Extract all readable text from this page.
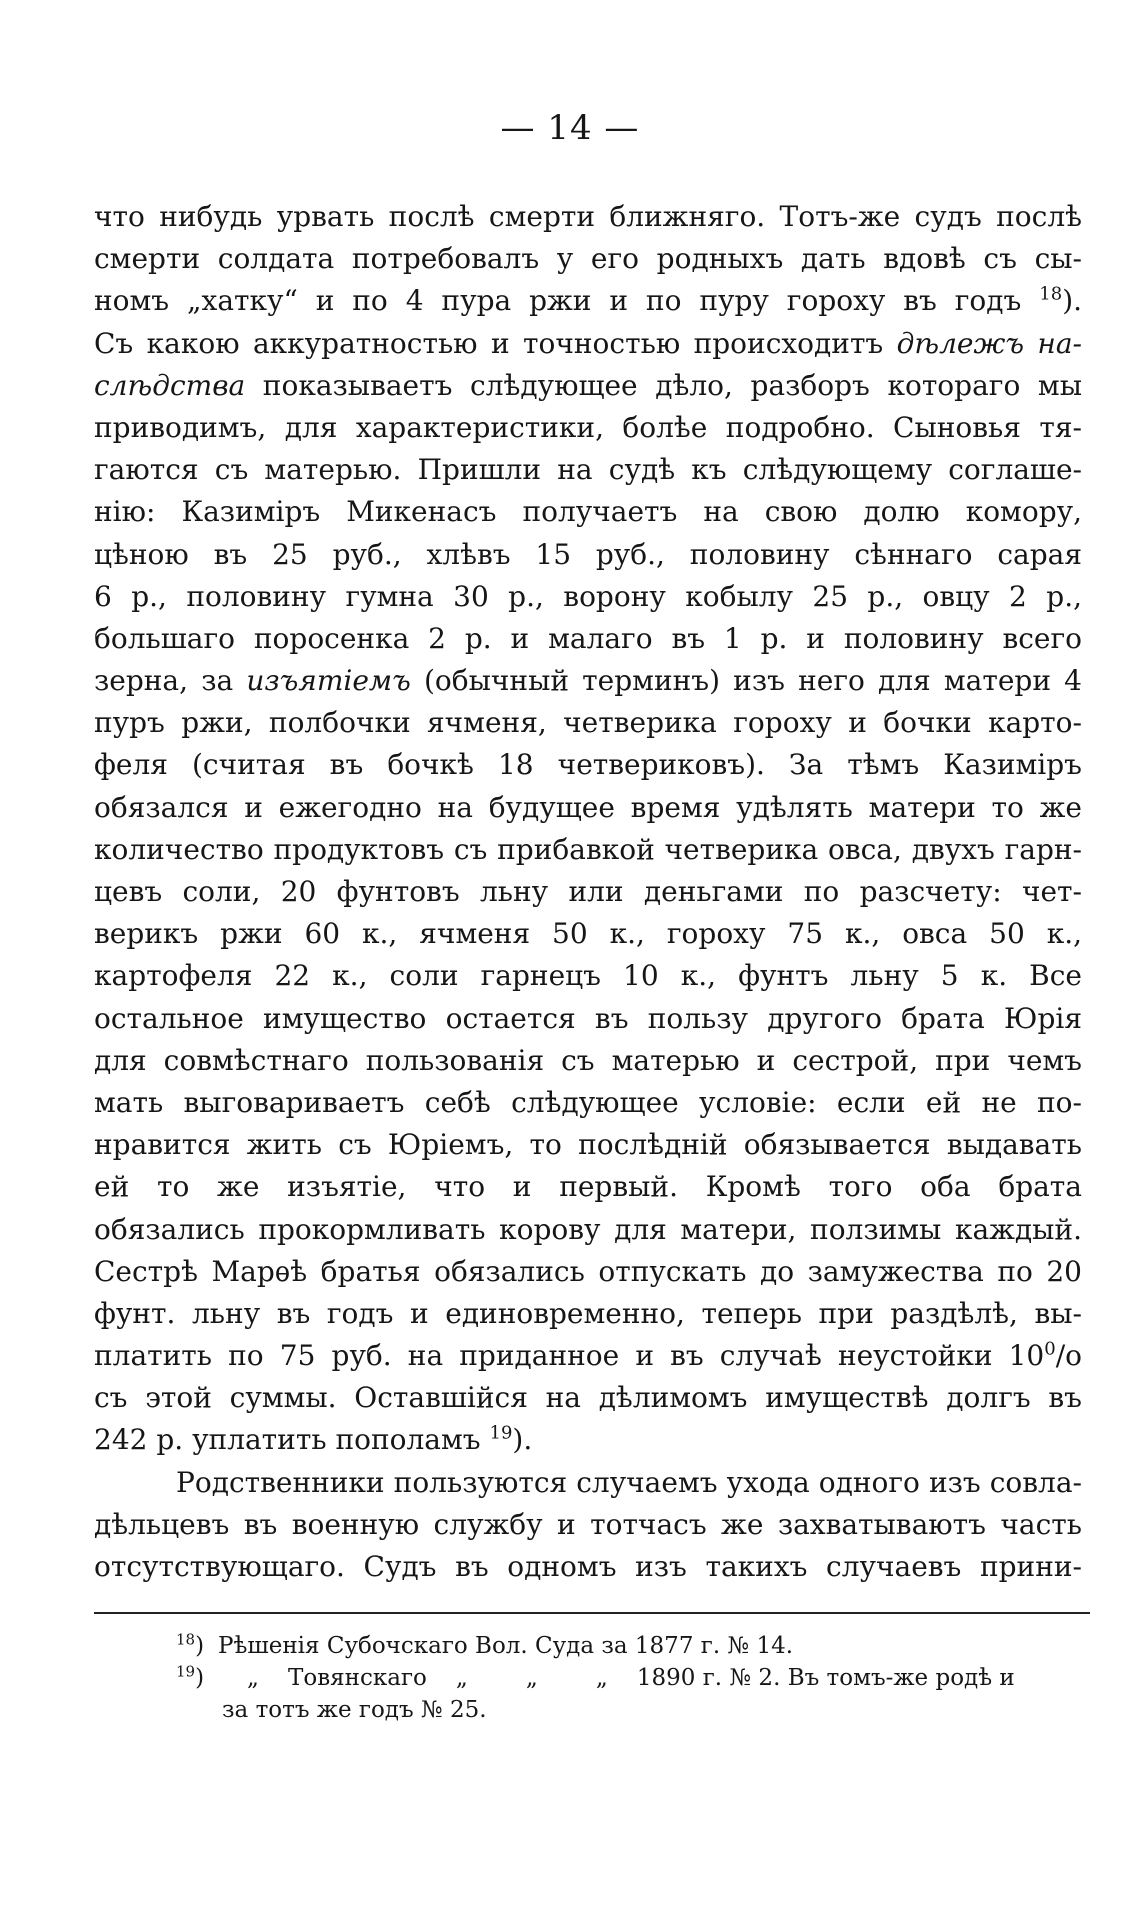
— 14 —
что нибудь урвать послѣ смерти ближняго. Тотъ-же судъ послѣ
смерти солдата потребовалъ у его родныхъ дать вдовѣ съ сы-
номъ „хатку“ и по 4 пура ржи и по пуру гороху въ годъ $^{18}$).
Съ какою аккуратностью и точностью происходитъ дѣлежъ на-
слѣдства показываетъ слѣдующее дѣло, разборъ котораго мы
приводимъ, для характеристики, болѣе подробно. Сыновья тя-
гаются съ матерью. Пришли на судѣ къ слѣдующему соглаше-
нію: Казиміръ Микенасъ получаетъ на свою долю комору,
цѣною въ 25 руб., хлѣвъ 15 руб., половину сѣннаго сарая
6 р., половину гумна 30 р., ворону кобылу 25 р., овцу 2 р.,
большаго поросенка 2 р. и малаго въ 1 р. и половину всего
зерна, за изъятіемъ (обычный терминъ) изъ него для матери 4
пуръ ржи, полбочки ячменя, четверика гороху и бочки карто-
феля (считая въ бочкѣ 18 четвериковъ). За тѣмъ Казиміръ
обязался и ежегодно на будущее время удѣлять матери то же
количество продуктовъ съ прибавкой четверика овса, двухъ гарн-
цевъ соли, 20 фунтовъ льну или деньгами по разсчету: чет-
верикъ ржи 60 к., ячменя 50 к., гороху 75 к., овса 50 к.,
картофеля 22 к., соли гарнецъ 10 к., фунтъ льну 5 к. Все
остальное имущество остается въ пользу другого брата Юрія
для совмѣстнаго пользованія съ матерью и сестрой, при чемъ
мать выговариваетъ себѣ слѣдующее условіе: если ей не по-
нравится жить съ Юріемъ, то послѣдній обязывается выдавать
ей то же изъятіе, что и первый. Кромѣ того оба брата
обязались прокормливать корову для матери, ползимы каждый.
Сестрѣ Марѳѣ братья обязались отпускать до замужества по 20
фунт. льну въ годъ и единовременно, теперь при раздѣлѣ, вы-
платить по 75 руб. на приданное и въ случаѣ неустойки $10^0/o$
съ этой суммы. Оставшійся на дѣлимомъ имуществѣ долгъ въ
242 р. уплатить пополамъ $^{19}$).
Родственники пользуются случаемъ ухода одного изъ совла-
дѣльцевъ въ военную службу и тотчасъ же захватываютъ часть
отсутствующаго. Судъ въ одномъ изъ такихъ случаевъ прини-
$^{18}$) Рѣшенія Субочскаго Вол. Суда за 1877 г. № 14.
$^{19}$) „ Товянскаго „	„	„ 1890 г. № 2. Въ томъ-же родѣ и
за тотъ же годъ № 25.
